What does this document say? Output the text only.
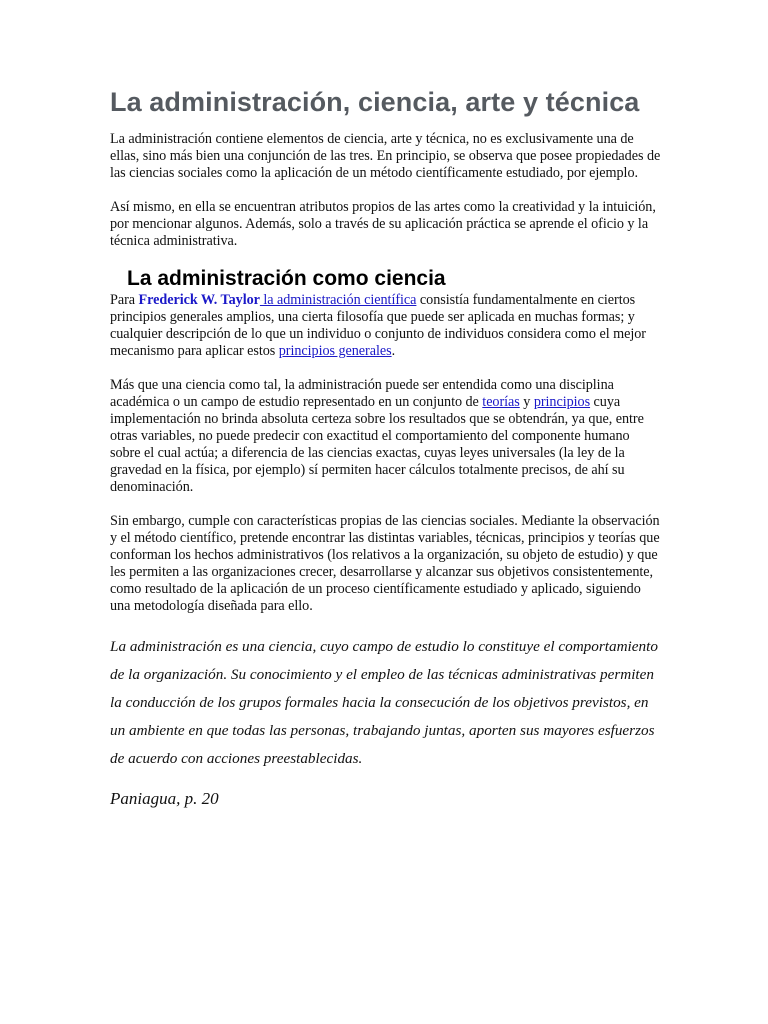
La administración, ciencia, arte y técnica

La administración contiene elementos de ciencia, arte y técnica, no es exclusivamente una de ellas, sino más bien una conjunción de las tres. En principio, se observa que posee propiedades de las ciencias sociales como la aplicación de un método científicamente estudiado, por ejemplo.

Así mismo, en ella se encuentran atributos propios de las artes como la creatividad y la intuición, por mencionar algunos. Además, solo a través de su aplicación práctica se aprende el oficio y la técnica administrativa.

La administración como ciencia

Para Frederick W. Taylor la administración científica consistía fundamentalmente en ciertos principios generales amplios, una cierta filosofía que puede ser aplicada en muchas formas; y cualquier descripción de lo que un individuo o conjunto de individuos considera como el mejor mecanismo para aplicar estos principios generales.

Más que una ciencia como tal, la administración puede ser entendida como una disciplina académica o un campo de estudio representado en un conjunto de teorías y principios cuya implementación no brinda absoluta certeza sobre los resultados que se obtendrán, ya que, entre otras variables, no puede predecir con exactitud el comportamiento del componente humano sobre el cual actúa; a diferencia de las ciencias exactas, cuyas leyes universales (la ley de la gravedad en la física, por ejemplo) sí permiten hacer cálculos totalmente precisos, de ahí su denominación.

Sin embargo, cumple con características propias de las ciencias sociales. Mediante la observación y el método científico, pretende encontrar las distintas variables, técnicas, principios y teorías que conforman los hechos administrativos (los relativos a la organización, su objeto de estudio) y que les permiten a las organizaciones crecer, desarrollarse y alcanzar sus objetivos consistentemente, como resultado de la aplicación de un proceso científicamente estudiado y aplicado, siguiendo una metodología diseñada para ello.

La administración es una ciencia, cuyo campo de estudio lo constituye el comportamiento de la organización. Su conocimiento y el empleo de las técnicas administrativas permiten la conducción de los grupos formales hacia la consecución de los objetivos previstos, en un ambiente en que todas las personas, trabajando juntas, aporten sus mayores esfuerzos de acuerdo con acciones preestablecidas.
Paniagua, p. 20
